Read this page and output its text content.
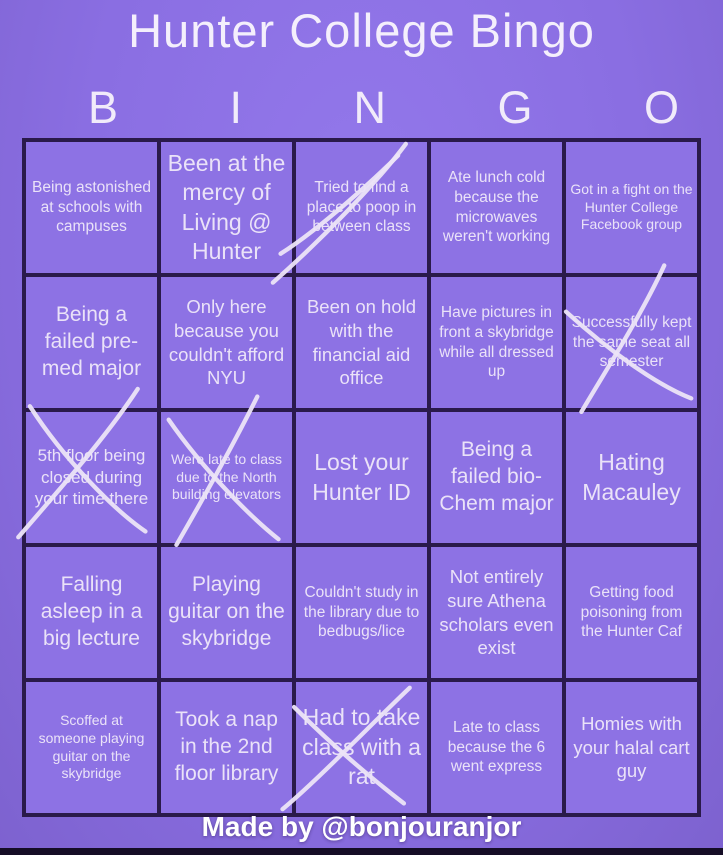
Hunter College Bingo
B I N G O
Being astonished at schools with campuses
Been at the mercy of Living @ Hunter
Tried to find a place to poop in between class
Ate lunch cold because the microwaves weren't working
Got in a fight on the Hunter College Facebook group
Being a failed pre-med major
Only here because you couldn't afford NYU
Been on hold with the financial aid office
Have pictures in front a skybridge while all dressed up
Successfully kept the same seat all semester
5th floor being closed during your time there
Were late to class due to the North building elevators
Lost your Hunter ID
Being a failed bio- Chem major
Hating Macauley
Falling asleep in a big lecture
Playing guitar on the skybridge
Couldn't study in the library due to bedbugs/lice
Not entirely sure Athena scholars even exist
Getting food poisoning from the Hunter Caf
Scoffed at someone playing guitar on the skybridge
Took a nap in the 2nd floor library
Had to take class with a rat
Late to class because the 6 went express
Homies with your halal cart guy
Made by @bonjouranjor
